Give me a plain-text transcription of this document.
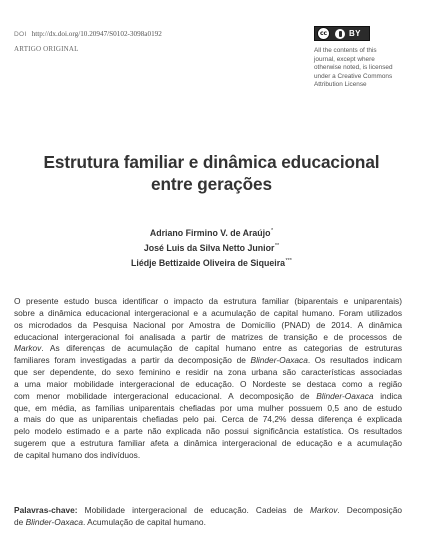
DOI http://dx.doi.org/10.20947/S0102-3098a0192
ARTIGO ORIGINAL
cc	BY
All the contents of this
journal, except where
otherwise noted, is licensed
under a Creative Commons
Attribution License
Estrutura familiar e dinâmica educacional
entre gerações
Adriano Firmino V. de Araújo*
José Luis da Silva Netto Junior**
Liédje Bettizaide Oliveira de Siqueira***
O presente estudo busca identificar o impacto da estrutura familiar (biparentais e uniparentais)
sobre a dinâmica educacional intergeracional e a acumulação de capital humano. Foram utilizados
os microdados da Pesquisa Nacional por Amostra de Domicílio (PNAD) de 2014. A dinâmica
educacional intergeracional foi analisada a partir de matrizes de transição e de processos de
Markov. As diferenças de acumulação de capital humano entre as categorias de estruturas
familiares foram investigadas a partir da decomposição de Blinder-Oaxaca. Os resultados indicam
que ser dependente, do sexo feminino e residir na zona urbana são características associadas
a uma maior mobilidade intergeracional de educação. O Nordeste se destaca como a região
com menor mobilidade intergeracional educacional. A decomposição de Blinder-Oaxaca indica
que, em média, as famílias uniparentais chefiadas por uma mulher possuem 0,5 ano de estudo
a mais do que as uniparentais chefiadas pelo pai. Cerca de 74,2% dessa diferença é explicada
pelo modelo estimado e a parte não explicada não possui significância estatística. Os resultados
sugerem que a estrutura familiar afeta a dinâmica intergeracional de educação e a acumulação
de capital humano dos indivíduos.
Palavras-chave: Mobilidade intergeracional de educação. Cadeias de Markov. Decomposição
de Blinder-Oaxaca. Acumulação de capital humano.
